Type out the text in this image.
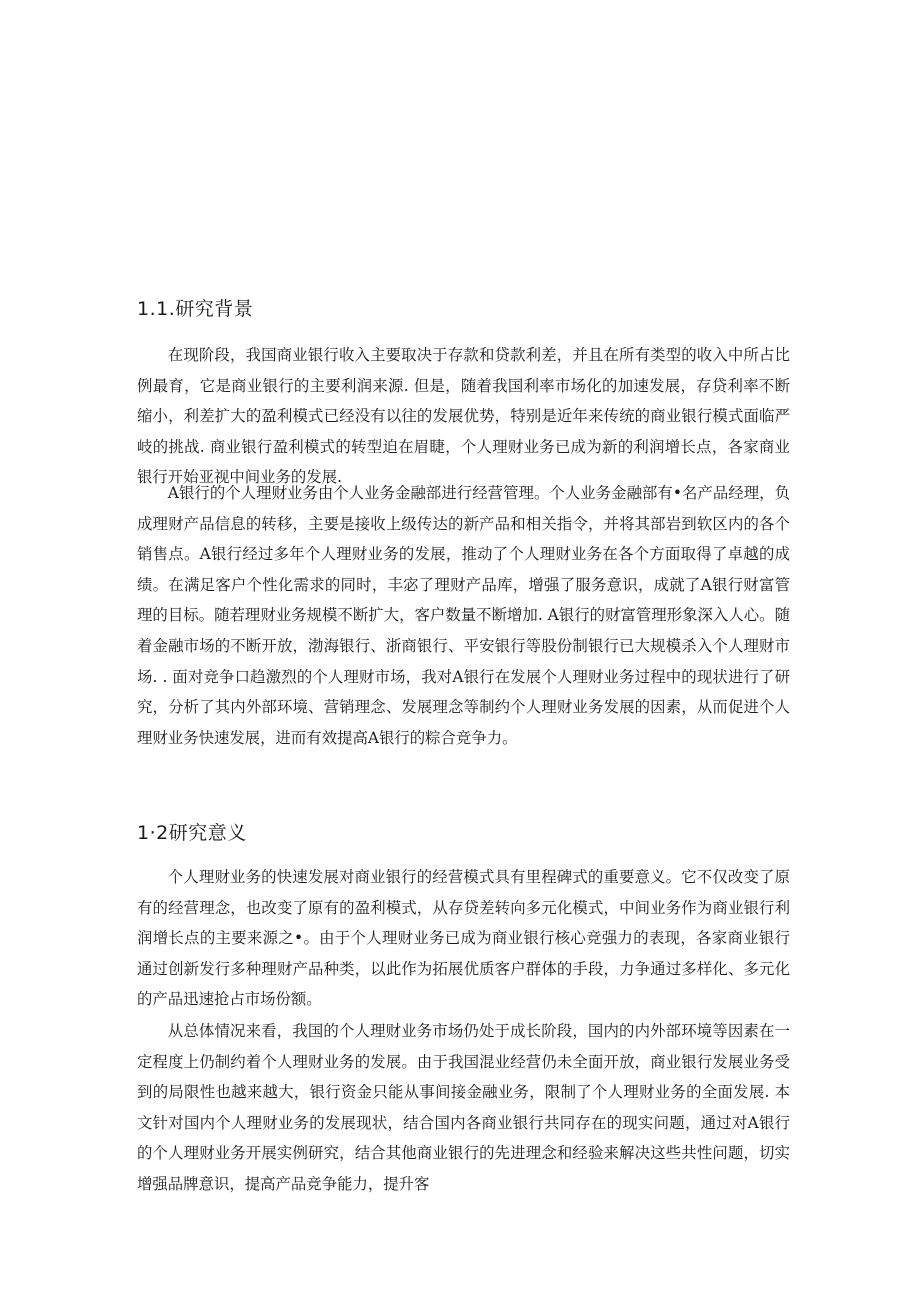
1.1.研究背景

在现阶段，我国商业银行收入主要取决于存款和贷款利差，并且在所有类型的收入中所占比例最育，它是商业银行的主要利润来源. 但是，随着我国利率市场化的加速发展，存贷利率不断缩小，利差扩大的盈利模式已经没有以往的发展优势，特别是近年来传统的商业银行模式面临严岐的挑战. 商业银行盈利模式的转型迫在眉睫，个人理财业务已成为新的利润增长点，各家商业银行开始亚视中间业务的发展.

A银行的个人理财业务由个人业务金融部进行经营管理。个人业务金融部有•名产品经理，负成理财产品信息的转移，主要是接收上级传达的新产品和相关指令，并将其部岩到软区内的各个销售点。A银行经过多年个人理财业务的发展，推动了个人理财业务在各个方面取得了卓越的成绩。在满足客户个性化需求的同时，丰宓了理财产品库，增强了服务意识，成就了A银行财富管理的目标。随若理财业务规模不断扩大，客户数量不断增加. A银行的财富管理形象深入人心。随着金融市场的不断开放，渤海银行、浙商银行、平安银行等股份制银行已大规模杀入个人理财市场. . 面对竞争口趋激烈的个人理财市场，我对A银行在发展个人理财业务过程中的现状进行了研究，分析了其内外部环境、营销理念、发展理念等制约个人理财业务发展的因素，从而促进个人理财业务快速发展，进而有效提高A银行的粽合竞争力。

1·2研究意义

个人理财业务的快速发展对商业银行的经营模式具有里程碑式的重要意义。它不仅改变了原有的经营理念，也改变了原有的盈利模式，从存贷差转向多元化模式，中间业务作为商业银行利润增长点的主要来源之•。由于个人理财业务已成为商业银行核心竞强力的表现，各家商业银行通过创新发行多种理财产品种类，以此作为拓展优质客户群体的手段，力争通过多样化、多元化的产品迅速抢占市场份额。

从总体情况来看，我国的个人理财业务市场仍处于成长阶段，国内的内外部环境等因素在一定程度上仍制约着个人理财业务的发展。由于我国混业经营仍未全面开放，商业银行发展业务受到的局限性也越来越大，银行资金只能从事间接金融业务，限制了个人理财业务的全面发展. 本文针对国内个人理财业务的发展现状，结合国内各商业银行共同存在的现实问题，通过对A银行的个人理财业务开展实例研究，结合其他商业银行的先进理念和经验来解决这些共性问题，切实增强品牌意识，提高产品竞争能力，提升客
